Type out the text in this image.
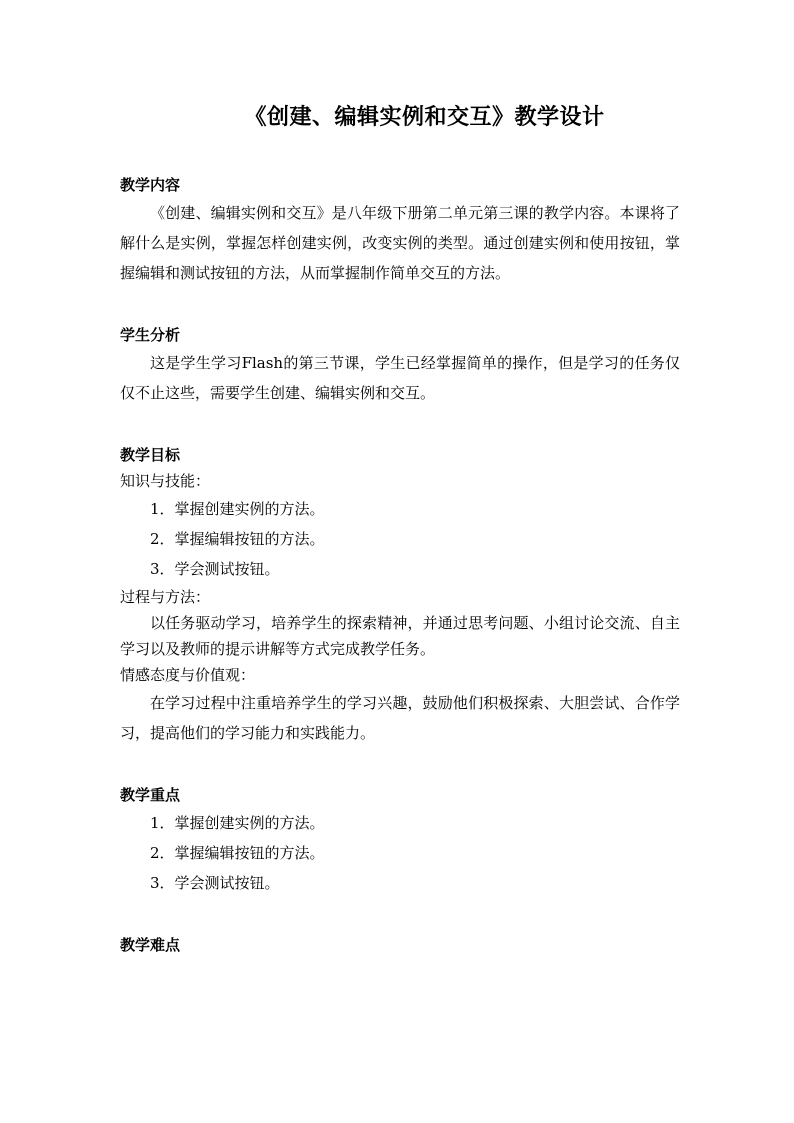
《创建、编辑实例和交互》教学设计
教学内容

《创建、编辑实例和交互》是八年级下册第二单元第三课的教学内容。本课将了解什么是实例，掌握怎样创建实例，改变实例的类型。通过创建实例和使用按钮，掌握编辑和测试按钮的方法，从而掌握制作简单交互的方法。

学生分析

这是学生学习Flash的第三节课，学生已经掌握简单的操作，但是学习的任务仅仅不止这些，需要学生创建、编辑实例和交互。

教学目标

知识与技能：

1．掌握创建实例的方法。
2．掌握编辑按钮的方法。
3．学会测试按钮。

过程与方法：

以任务驱动学习，培养学生的探索精神，并通过思考问题、小组讨论交流、自主学习以及教师的提示讲解等方式完成教学任务。

情感态度与价值观：

在学习过程中注重培养学生的学习兴趣，鼓励他们积极探索、大胆尝试、合作学习，提高他们的学习能力和实践能力。

教学重点
1．掌握创建实例的方法。
2．掌握编辑按钮的方法。
3．学会测试按钮。
教学难点
